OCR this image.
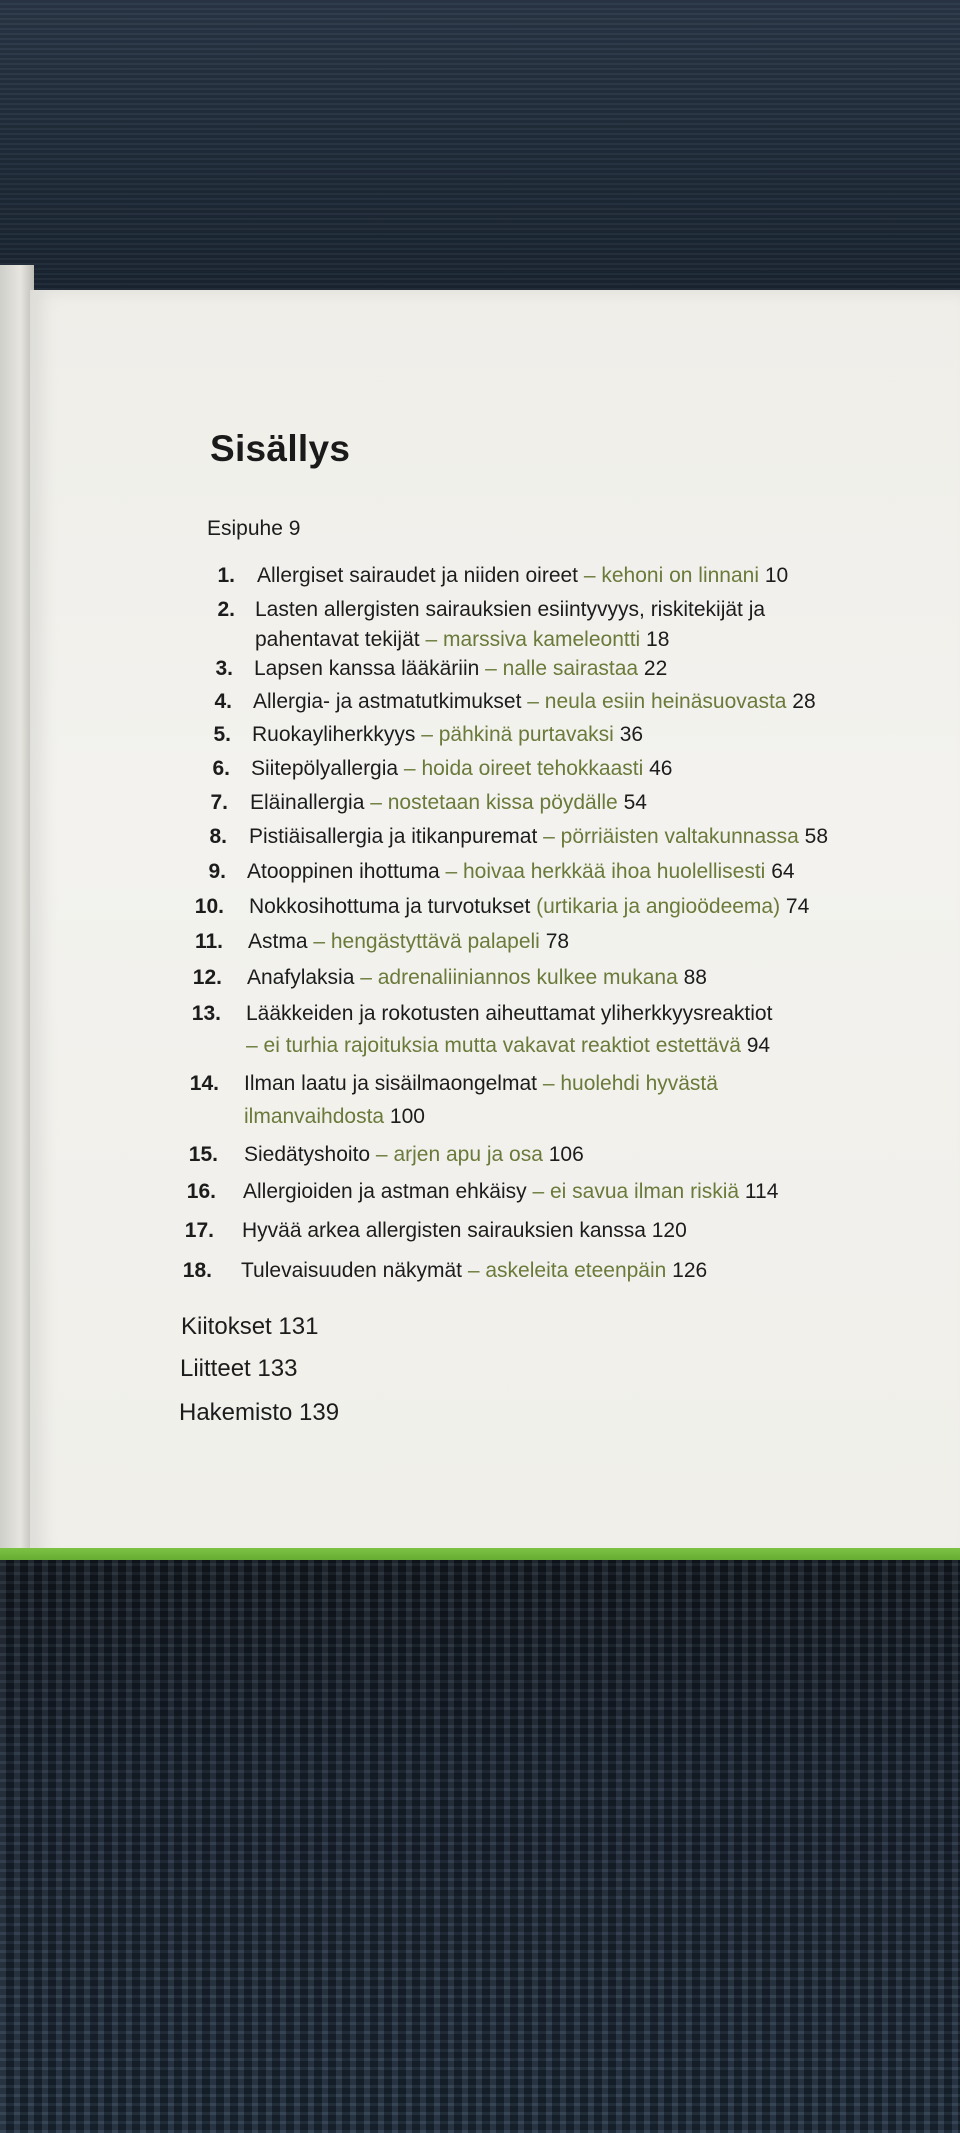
Sisällys
Esipuhe 9
1. Allergiset sairaudet ja niiden oireet – kehoni on linnani 10
2. Lasten allergisten sairauksien esiintyvyys, riskitekijät ja
pahentavat tekijät – marssiva kameleontti 18
3. Lapsen kanssa lääkäriin – nalle sairastaa 22
4. Allergia- ja astmatutkimukset – neula esiin heinäsuovasta 28
5. Ruokayliherkkyys – pähkinä purtavaksi 36
6. Siitepölyallergia – hoida oireet tehokkaasti 46
7. Eläinallergia – nostetaan kissa pöydälle 54
8. Pistiäisallergia ja itikanpuremat – pörriäisten valtakunnassa 58
9. Atooppinen ihottuma – hoivaa herkkää ihoa huolellisesti 64
10. Nokkosihottuma ja turvotukset (urtikaria ja angioödeema) 74
11. Astma – hengästyttävä palapeli 78
12. Anafylaksia – adrenaliiniannos kulkee mukana 88
13. Lääkkeiden ja rokotusten aiheuttamat yliherkkyysreaktiot
– ei turhia rajoituksia mutta vakavat reaktiot estettävä 94
14. Ilman laatu ja sisäilmaongelmat – huolehdi hyvästä
ilmanvaihdosta 100
15. Siedätyshoito – arjen apu ja osa 106
16. Allergioiden ja astman ehkäisy – ei savua ilman riskiä 114
17. Hyvää arkea allergisten sairauksien kanssa 120
18. Tulevaisuuden näkymät – askeleita eteenpäin 126
Kiitokset 131
Liitteet 133
Hakemisto 139
